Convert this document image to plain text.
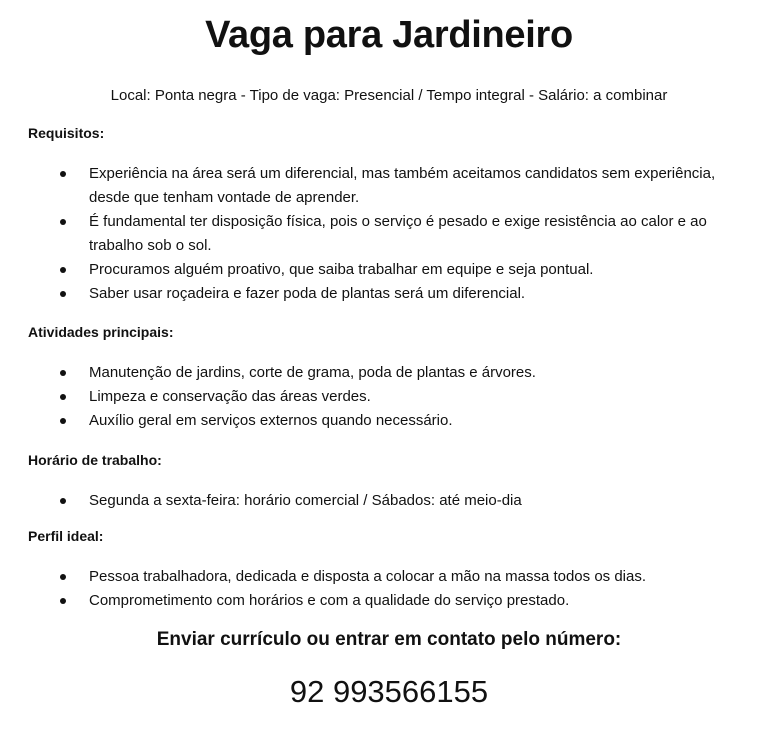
Vaga para Jardineiro
Local: Ponta negra - Tipo de vaga: Presencial / Tempo integral - Salário: a combinar
Requisitos:
Experiência na área será um diferencial, mas também aceitamos candidatos sem experiência, desde que tenham vontade de aprender.
É fundamental ter disposição física, pois o serviço é pesado e exige resistência ao calor e ao trabalho sob o sol.
Procuramos alguém proativo, que saiba trabalhar em equipe e seja pontual.
Saber usar roçadeira e fazer poda de plantas será um diferencial.
Atividades principais:
Manutenção de jardins, corte de grama, poda de plantas e árvores.
Limpeza e conservação das áreas verdes.
Auxílio geral em serviços externos quando necessário.
Horário de trabalho:
Segunda a sexta-feira: horário comercial / Sábados: até meio-dia
Perfil ideal:
Pessoa trabalhadora, dedicada e disposta a colocar a mão na massa todos os dias.
Comprometimento com horários e com a qualidade do serviço prestado.
Enviar currículo ou entrar em contato pelo número:
92 993566155
